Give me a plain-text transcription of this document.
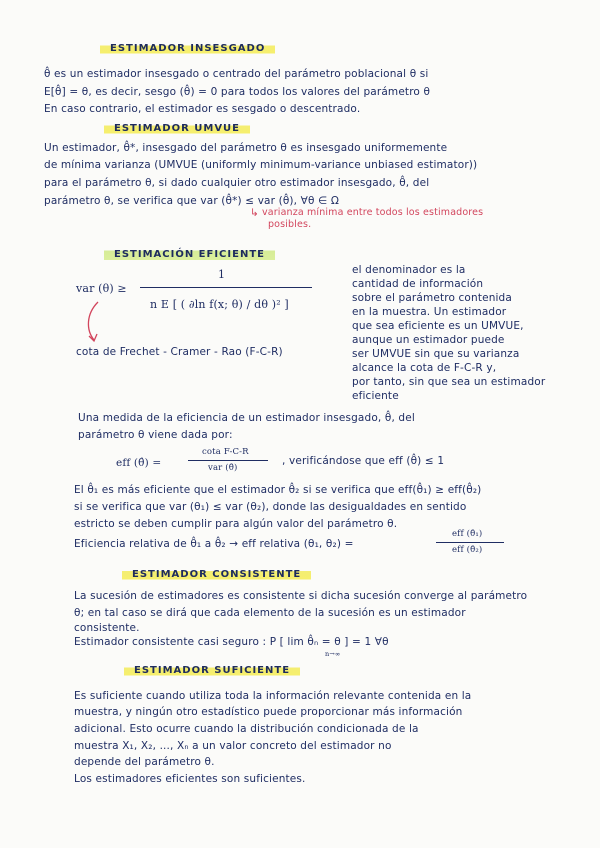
ESTIMADOR INSESGADO
θ̂ es un estimador insesgado o centrado del parámetro poblacional θ si
E[θ̂] = θ, es decir, sesgo (θ̂) = 0 para todos los valores del parámetro θ
En caso contrario, el estimador es sesgado o descentrado.
ESTIMADOR UMVUE
Un estimador, θ̂*, insesgado del parámetro θ es insesgado uniformemente
de mínima varianza (UMVUE (uniformly minimum-variance unbiased estimator))
para el parámetro θ, si dado cualquier otro estimador insesgado, θ̂, del
parámetro θ, se verifica que var (θ̂*) ≤ var (θ̂), ∀θ ∈ Ω
↳ varianza mínima entre todos los estimadores
posibles.
ESTIMACIÓN EFICIENTE
var (θ) ≥
1
n E [ ( ∂ln f(x; θ) / dθ )² ]
cota de Frechet - Cramer - Rao (F-C-R)
el denominador es la
cantidad de información
sobre el parámetro contenida
en la muestra. Un estimador
que sea eficiente es un UMVUE,
aunque un estimador puede
ser UMVUE sin que su varianza
alcance la cota de F-C-R y,
por tanto, sin que sea un estimador
eficiente
Una medida de la eficiencia de un estimador insesgado, θ̂, del
parámetro θ viene dada por:
eff (θ̂) =
cota F-C-R
var (θ̂)
, verificándose que eff (θ̂) ≤ 1
El θ̂₁ es más eficiente que el estimador θ̂₂ si se verifica que eff(θ̂₁) ≥ eff(θ̂₂)
si se verifica que var (θ₁) ≤ var (θ₂), donde las desigualdades en sentido
estricto se deben cumplir para algún valor del parámetro θ.
Eficiencia relativa de θ̂₁ a θ̂₂ → eff relativa (θ₁, θ₂) =
eff (θ̂₁)
eff (θ̂₂)
ESTIMADOR CONSISTENTE
La sucesión de estimadores es consistente si dicha sucesión converge al parámetro
θ; en tal caso se dirá que cada elemento de la sucesión es un estimador
consistente.
Estimador consistente casi seguro : P [ lim θ̂ₙ = θ ] = 1 ∀θ
n→∞
ESTIMADOR SUFICIENTE
Es suficiente cuando utiliza toda la información relevante contenida en la
muestra, y ningún otro estadístico puede proporcionar más información
adicional. Esto ocurre cuando la distribución condicionada de la
muestra X₁, X₂, ..., Xₙ a un valor concreto del estimador no
depende del parámetro θ.
Los estimadores eficientes son suficientes.
